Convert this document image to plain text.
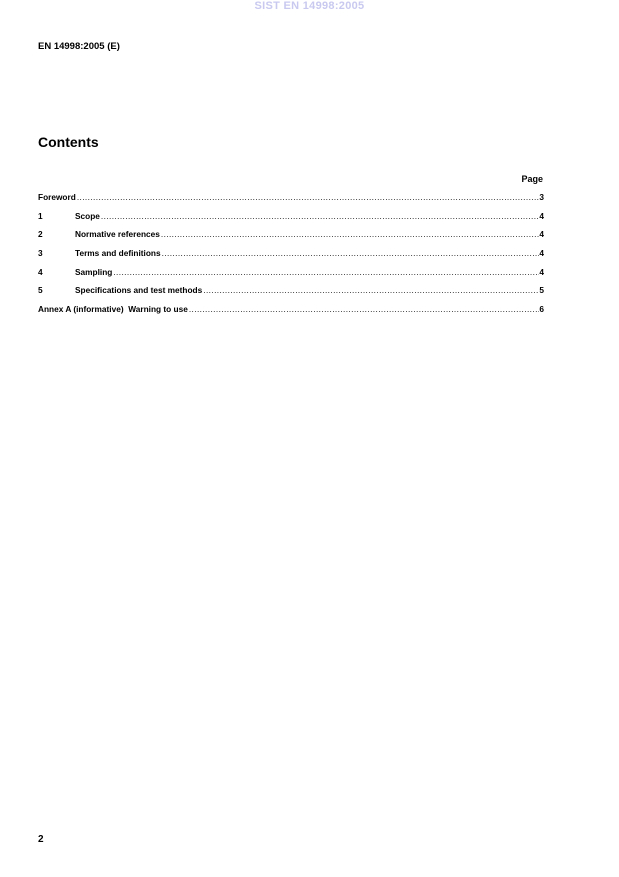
SIST EN 14998:2005
EN 14998:2005 (E)
Contents
Page
Foreword .....	3
1	Scope .....	4
2	Normative references .....	4
3	Terms and definitions .....	4
4	Sampling .....	4
5	Specifications and test methods .....	5
Annex A (informative)  Warning to use .....	6
2
